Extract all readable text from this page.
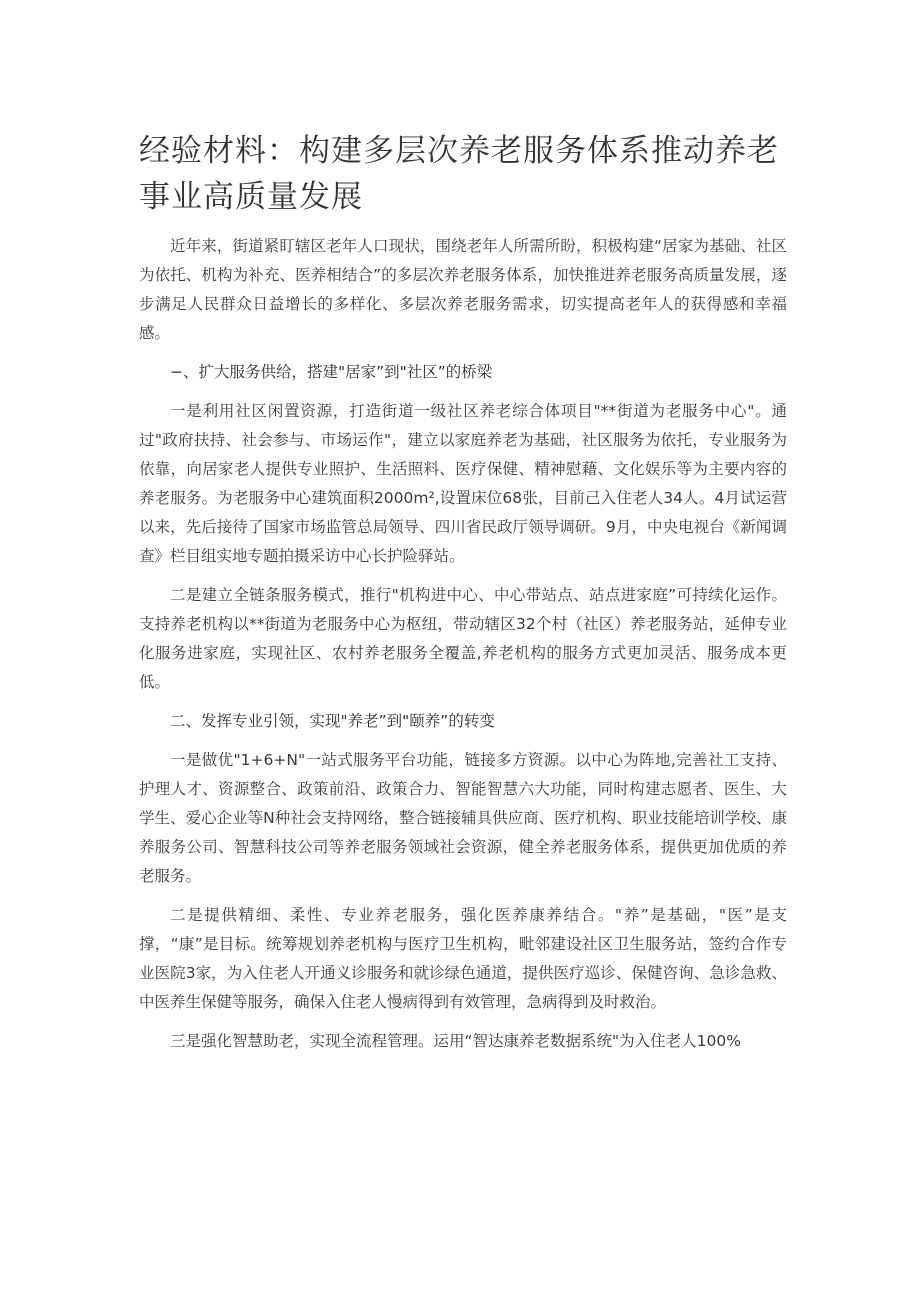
经验材料：构建多层次养老服务体系推动养老事业高质量发展

近年来，街道紧盯辖区老年人口现状，围绕老年人所需所盼，积极构建“居家为基础、社区为依托、机构为补充、医养相结合”的多层次养老服务体系，加快推进养老服务高质量发展，逐步满足人民群众日益增长的多样化、多层次养老服务需求，切实提高老年人的获得感和幸福感。

−、扩大服务供给，搭建"居家”到"社区”的桥梁

一是利用社区闲置资源，打造街道一级社区养老综合体项目"**街道为老服务中心"。通过"政府扶持、社会参与、市场运作"，建立以家庭养老为基础，社区服务为依托，专业服务为依靠，向居家老人提供专业照护、生活照料、医疗保健、精神慰藉、文化娱乐等为主要内容的养老服务。为老服务中心建筑面积2000m²,设置床位68张，目前己入住老人34人。4月试运营以来，先后接待了国家市场监管总局领导、四川省民政厅领导调研。9月，中央电视台《新闻调查》栏目组实地专题拍摄采访中心长护险驿站。

二是建立全链条服务模式，推行"机构进中心、中心带站点、站点进家庭”可持续化运作。支持养老机构以**街道为老服务中心为枢纽，带动辖区32个村（社区）养老服务站，延伸专业化服务进家庭，实现社区、农村养老服务全覆盖,养老机构的服务方式更加灵活、服务成本更低。

二、发挥专业引领，实现"养老”到"颐养”的转变

一是做优"1+6+N"一站式服务平台功能，链接多方资源。以中心为阵地,完善社工支持、护理人才、资源整合、政策前沿、政策合力、智能智慧六大功能，同时构建志愿者、医生、大学生、爱心企业等N种社会支持网络，整合链接辅具供应商、医疗机构、职业技能培训学校、康养服务公司、智慧科技公司等养老服务领域社会资源，健全养老服务体系，提供更加优质的养老服务。

二是提供精细、柔性、专业养老服务，强化医养康养结合。"养”是基础，"医”是支撑，“康”是目标。统筹规划养老机构与医疗卫生机构，毗邻建设社区卫生服务站，签约合作专业医院3家，为入住老人开通义诊服务和就诊绿色通道，提供医疗巡诊、保健咨询、急诊急救、中医养生保健等服务，确保入住老人慢病得到有效管理，急病得到及时救治。

三是强化智慧助老，实现全流程管理。运用“智达康养老数据系统"为入住老人100%
